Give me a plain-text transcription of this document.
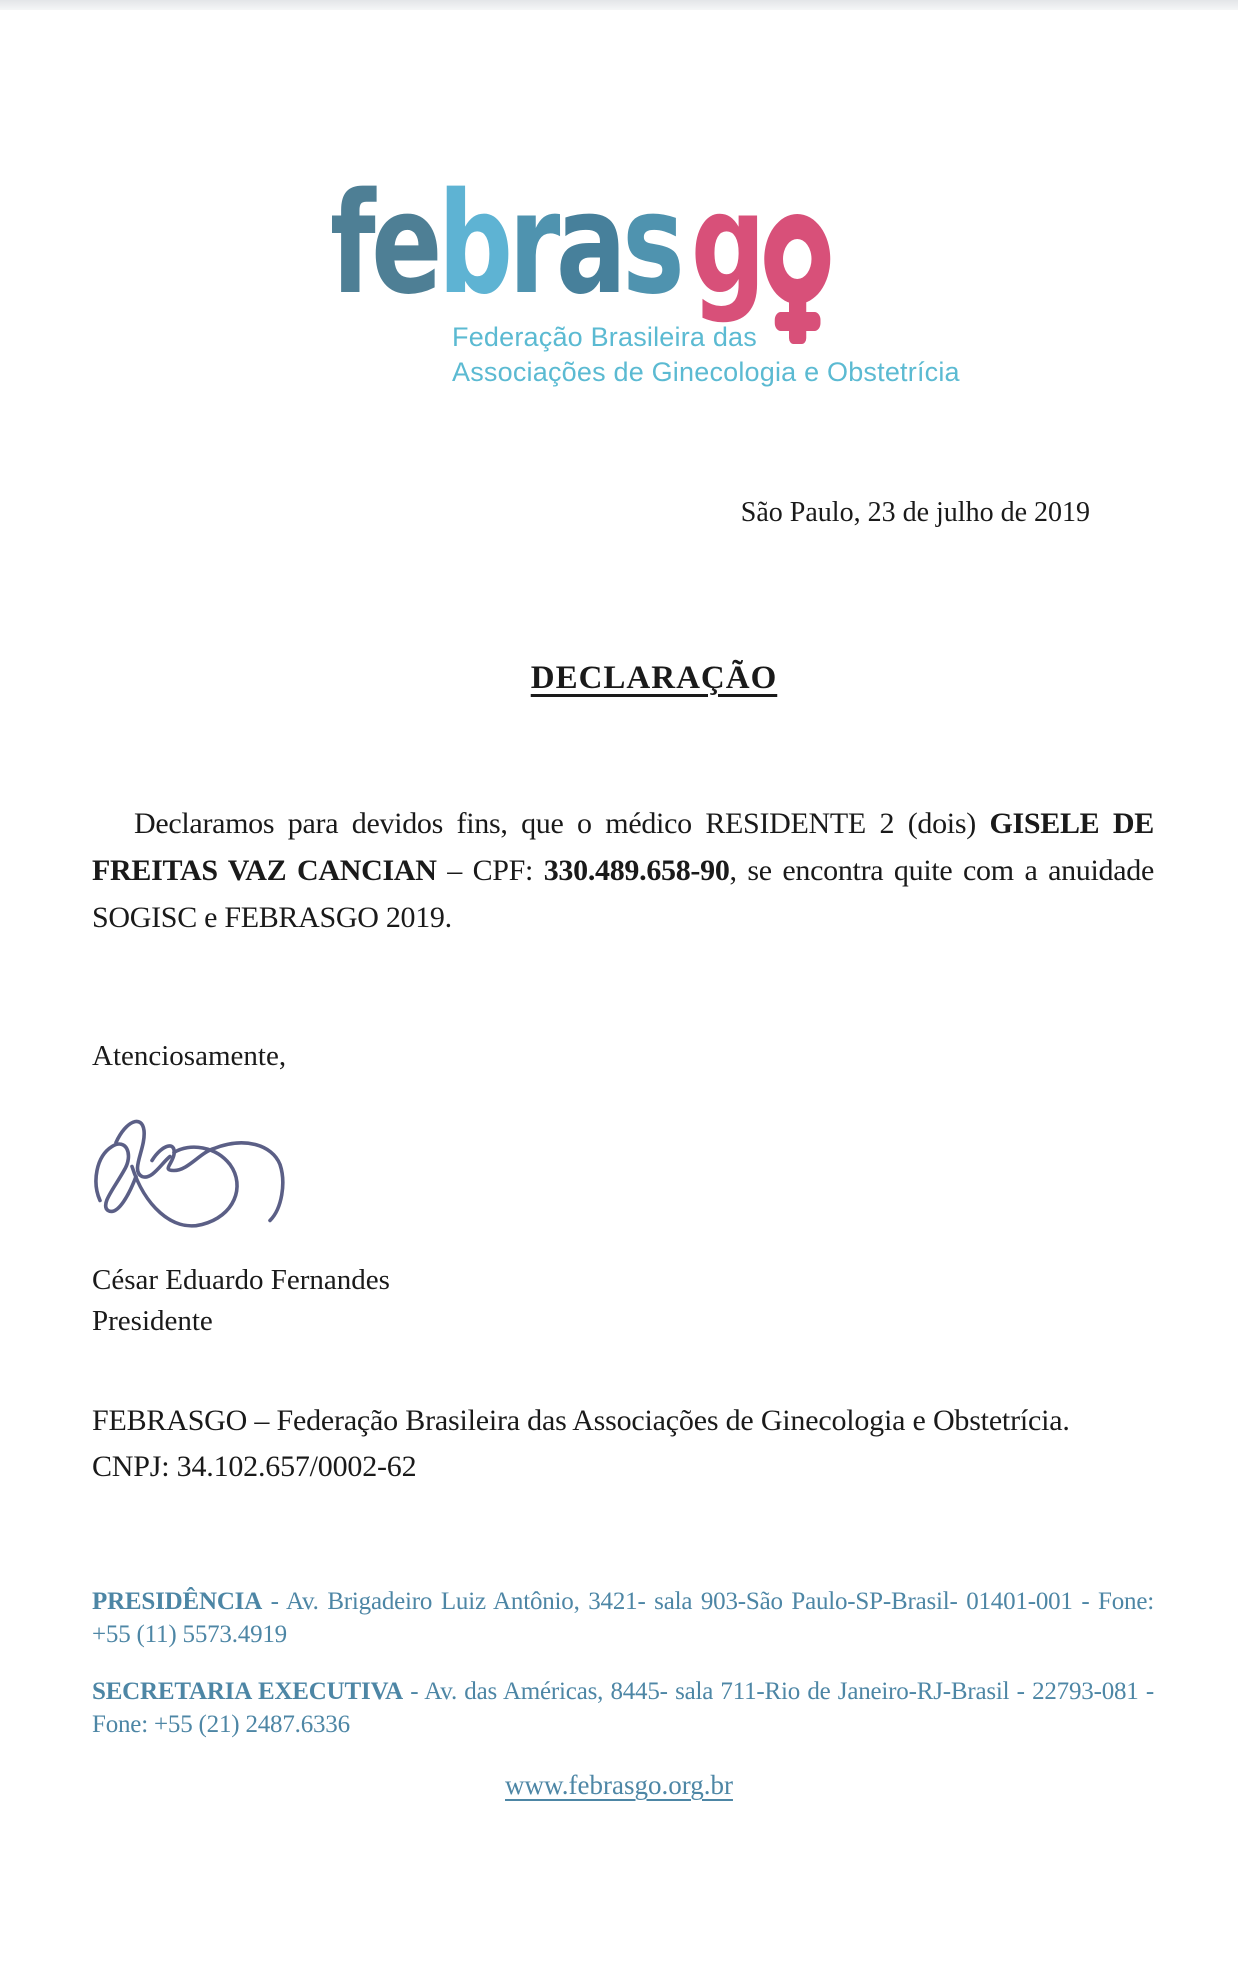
febrasg
Federação Brasileira das
Associações de Ginecologia e Obstetrícia
São Paulo, 23 de julho de 2019
DECLARAÇÃO
Declaramos para devidos fins, que o médico RESIDENTE 2 (dois) GISELE DE FREITAS VAZ CANCIAN – CPF: 330.489.658-90, se encontra quite com a anuidade SOGISC e FEBRASGO 2019.
Atenciosamente,
César Eduardo Fernandes
Presidente
FEBRASGO – Federação Brasileira das Associações de Ginecologia e Obstetrícia.
CNPJ: 34.102.657/0002-62

PRESIDÊNCIA - Av. Brigadeiro Luiz Antônio, 3421- sala 903-São Paulo-SP-Brasil- 01401-001 - Fone: +55 (11) 5573.4919

SECRETARIA EXECUTIVA - Av. das Américas, 8445- sala 711-Rio de Janeiro-RJ-Brasil - 22793-081 - Fone: +55 (21) 2487.6336

www.febrasgo.org.br
